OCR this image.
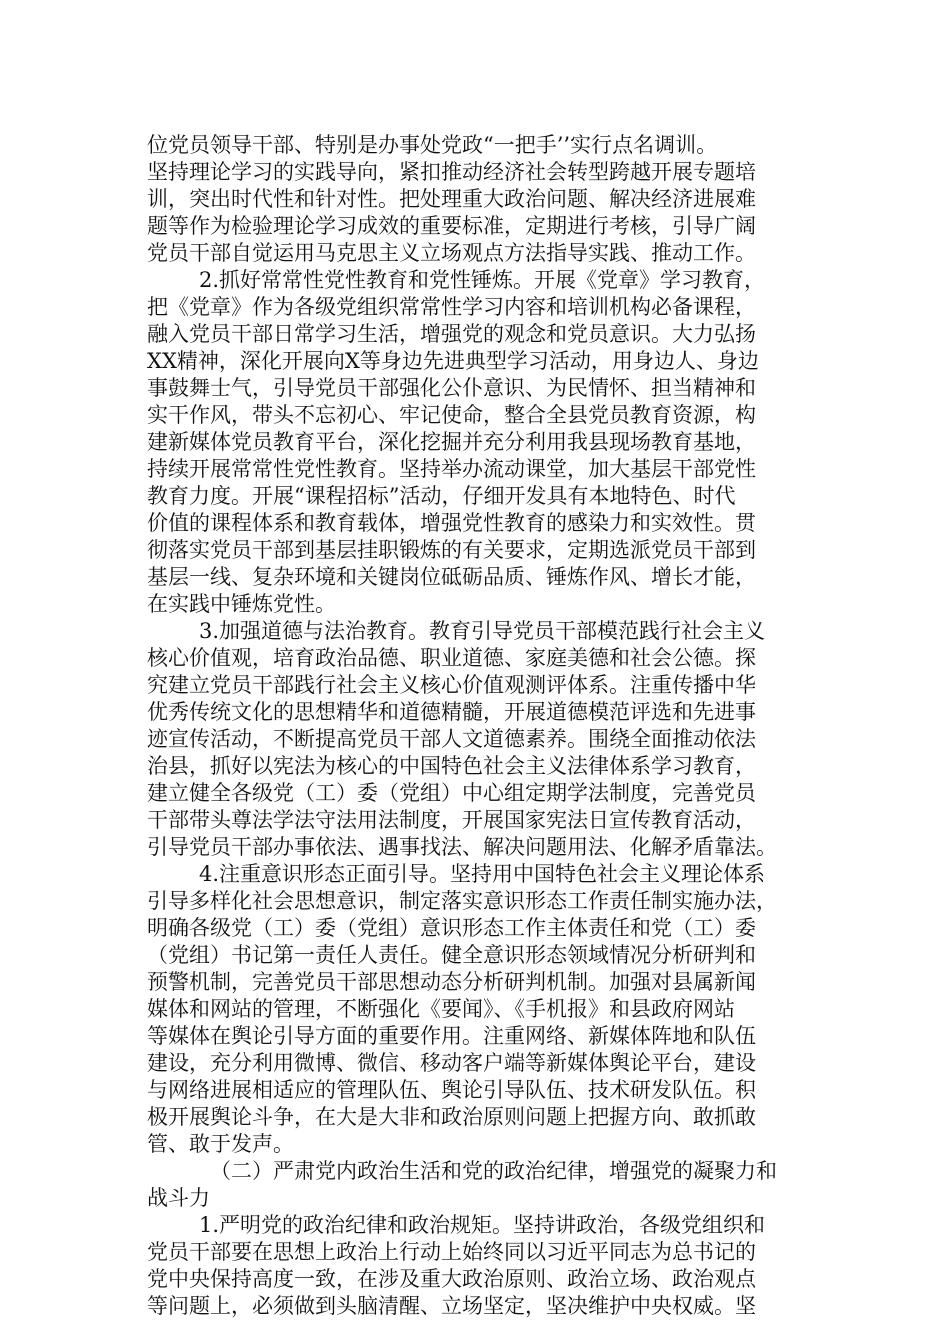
位党员领导干部、特别是办事处党政“一把手’’实行点名调训。
坚持理论学习的实践导向，紧扣推动经济社会转型跨越开展专题培
训，突出时代性和针对性。把处理重大政治问题、解决经济进展难
题等作为检验理论学习成效的重要标准，定期进行考核，引导广阔
党员干部自觉运用马克思主义立场观点方法指导实践、推动工作。
2.抓好常常性党性教育和党性锤炼。开展《党章》学习教育，
把《党章》作为各级党组织常常性学习内容和培训机构必备课程，
融入党员干部日常学习生活，增强党的观念和党员意识。大力弘扬
XX精神，深化开展向X等身边先进典型学习活动，用身边人、身边
事鼓舞士气，引导党员干部强化公仆意识、为民情怀、担当精神和
实干作风，带头不忘初心、牢记使命，整合全县党员教育资源，构
建新媒体党员教育平台，深化挖掘并充分利用我县现场教育基地，
持续开展常常性党性教育。坚持举办流动课堂，加大基层干部党性
教育力度。开展“课程招标”活动，仔细开发具有本地特色、时代
价值的课程体系和教育载体，增强党性教育的感染力和实效性。贯
彻落实党员干部到基层挂职锻炼的有关要求，定期选派党员干部到
基层一线、复杂环境和关键岗位砥砺品质、锤炼作风、增长才能，
在实践中锤炼党性。
3.加强道德与法治教育。教育引导党员干部模范践行社会主义
核心价值观，培育政治品德、职业道德、家庭美德和社会公德。探
究建立党员干部践行社会主义核心价值观测评体系。注重传播中华
优秀传统文化的思想精华和道德精髓，开展道德模范评选和先进事
迹宣传活动，不断提高党员干部人文道德素养。围绕全面推动依法
治县，抓好以宪法为核心的中国特色社会主义法律体系学习教育，
建立健全各级党（工）委（党组）中心组定期学法制度，完善党员
干部带头尊法学法守法用法制度，开展国家宪法日宣传教育活动，
引导党员干部办事依法、遇事找法、解决问题用法、化解矛盾靠法。
4.注重意识形态正面引导。坚持用中国特色社会主义理论体系
引导多样化社会思想意识，制定落实意识形态工作责任制实施办法，
明确各级党（工）委（党组）意识形态工作主体责任和党（工）委
（党组）书记第一责任人责任。健全意识形态领域情况分析研判和
预警机制，完善党员干部思想动态分析研判机制。加强对县属新闻
媒体和网站的管理，不断强化《要闻》、《手机报》和县政府网站
等媒体在舆论引导方面的重要作用。注重网络、新媒体阵地和队伍
建设，充分利用微博、微信、移动客户端等新媒体舆论平台，建设
与网络进展相适应的管理队伍、舆论引导队伍、技术研发队伍。积
极开展舆论斗争，在大是大非和政治原则问题上把握方向、敢抓敢
管、敢于发声。
（二）严肃党内政治生活和党的政治纪律，增强党的凝聚力和
战斗力
1.严明党的政治纪律和政治规矩。坚持讲政治，各级党组织和
党员干部要在思想上政治上行动上始终同以习近平同志为总书记的
党中央保持高度一致，在涉及重大政治原则、政治立场、政治观点
等问题上，必须做到头脑清醒、立场坚定，坚决维护中央权威。坚
